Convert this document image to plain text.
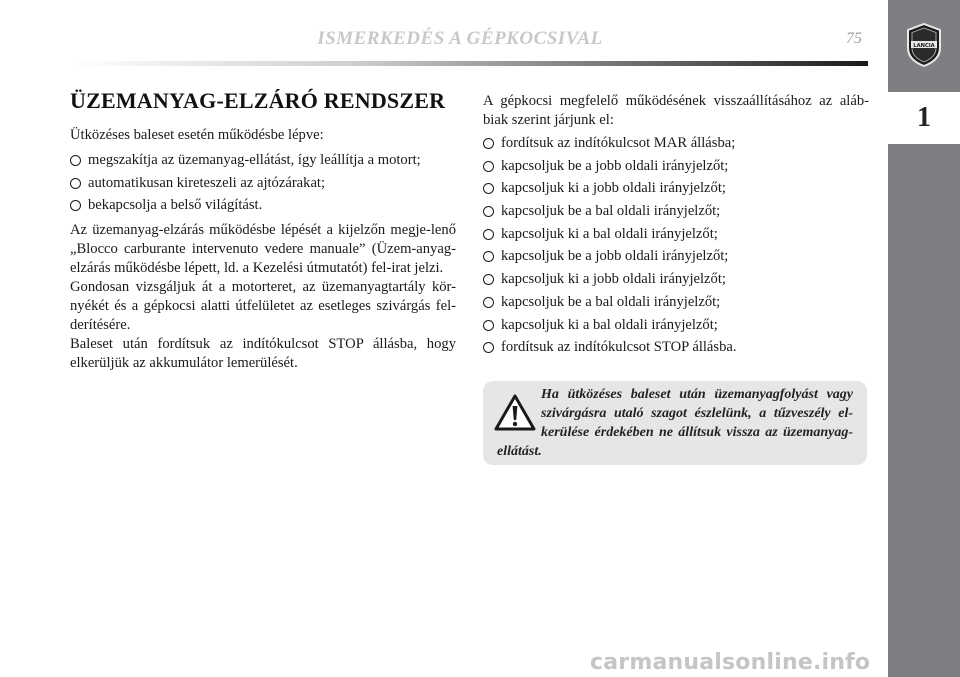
ISMERKEDÉS A GÉPKOCSIVAL	75	LANCIA
1
ÜZEMANYAG-ELZÁRÓ RENDSZER

Ütközéses baleset esetén működésbe lépve:

megszakítja az üzemanyag-ellátást, így leállítja a motort;
automatikusan kireteszeli az ajtózárakat;
bekapcsolja a belső világítást.

Az üzemanyag-elzárás működésbe lépését a kijelzőn megje-lenő „Blocco carburante intervenuto vedere manuale” (Üzem-anyag-elzárás működésbe lépett, ld. a Kezelési útmutatót) fel-irat jelzi.

Gondosan vizsgáljuk át a motorteret, az üzemanyagtartály kör-nyékét és a gépkocsi alatti útfelületet az esetleges szivárgás fel-derítésére.

Baleset után fordítsuk az indítókulcsot STOP állásba, hogy elkerüljük az akkumulátor lemerülését.

A gépkocsi megfelelő működésének visszaállításához az aláb-biak szerint járjunk el:

fordítsuk az indítókulcsot MAR állásba;
kapcsoljuk be a jobb oldali irányjelzőt;
kapcsoljuk ki a jobb oldali irányjelzőt;
kapcsoljuk be a bal oldali irányjelzőt;
kapcsoljuk ki a bal oldali irányjelzőt;
kapcsoljuk be a jobb oldali irányjelzőt;
kapcsoljuk ki a jobb oldali irányjelzőt;
kapcsoljuk be a bal oldali irányjelzőt;
kapcsoljuk ki a bal oldali irányjelzőt;
fordítsuk az indítókulcsot STOP állásba.
Ha ütközéses baleset után üzemanyagfolyást vagy szivárgásra utaló szagot észlelünk, a tűzveszély el-kerülése érdekében ne állítsuk vissza az üzemanyag-ellátást.
carmanualsonline.info
